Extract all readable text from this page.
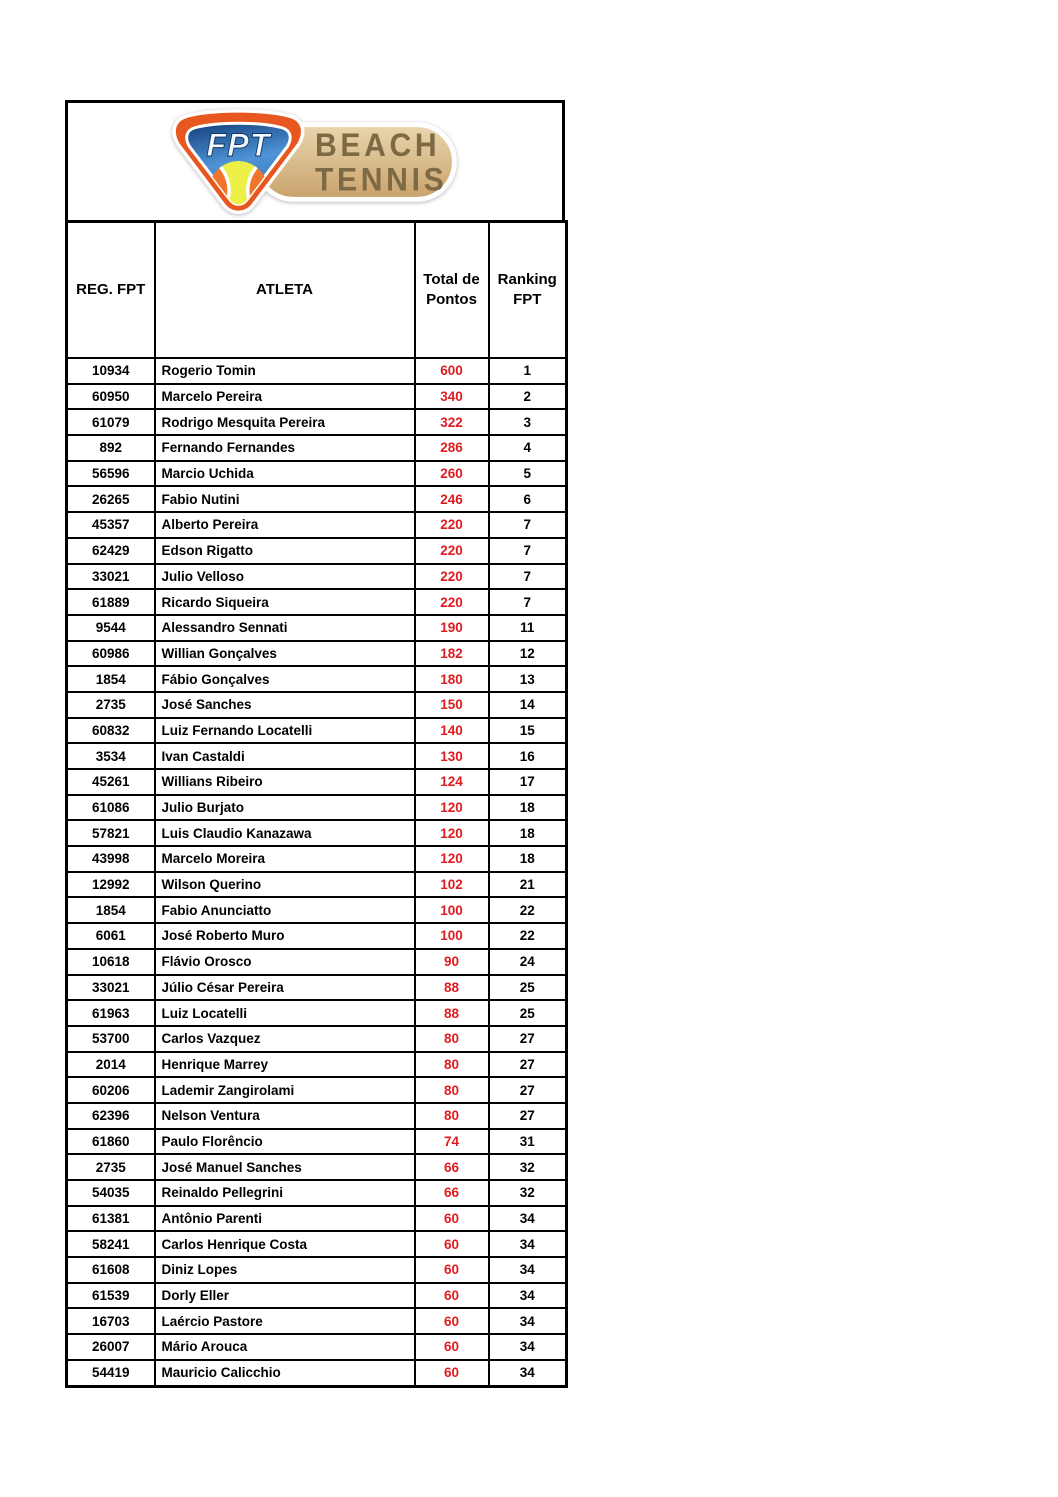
BEACH
TENNIS
FPT
REG. FPT	ATLETA	Total de Pontos	Ranking FPT
10934	Rogerio Tomin	600	1
60950	Marcelo Pereira	340	2
61079	Rodrigo Mesquita Pereira	322	3
892	Fernando Fernandes	286	4
56596	Marcio Uchida	260	5
26265	Fabio Nutini	246	6
45357	Alberto Pereira	220	7
62429	Edson Rigatto	220	7
33021	Julio Velloso	220	7
61889	Ricardo Siqueira	220	7
9544	Alessandro Sennati	190	11
60986	Willian Gonçalves	182	12
1854	Fábio Gonçalves	180	13
2735	José Sanches	150	14
60832	Luiz Fernando Locatelli	140	15
3534	Ivan Castaldi	130	16
45261	Willians Ribeiro	124	17
61086	Julio Burjato	120	18
57821	Luis Claudio Kanazawa	120	18
43998	Marcelo Moreira	120	18
12992	Wilson Querino	102	21
1854	Fabio Anunciatto	100	22
6061	José Roberto Muro	100	22
10618	Flávio Orosco	90	24
33021	Júlio César Pereira	88	25
61963	Luiz Locatelli	88	25
53700	Carlos Vazquez	80	27
2014	Henrique Marrey	80	27
60206	Lademir Zangirolami	80	27
62396	Nelson Ventura	80	27
61860	Paulo Florêncio	74	31
2735	José Manuel Sanches	66	32
54035	Reinaldo Pellegrini	66	32
61381	Antônio Parenti	60	34
58241	Carlos Henrique Costa	60	34
61608	Diniz Lopes	60	34
61539	Dorly Eller	60	34
16703	Laércio Pastore	60	34
26007	Mário Arouca	60	34
54419	Mauricio Calicchio	60	34
